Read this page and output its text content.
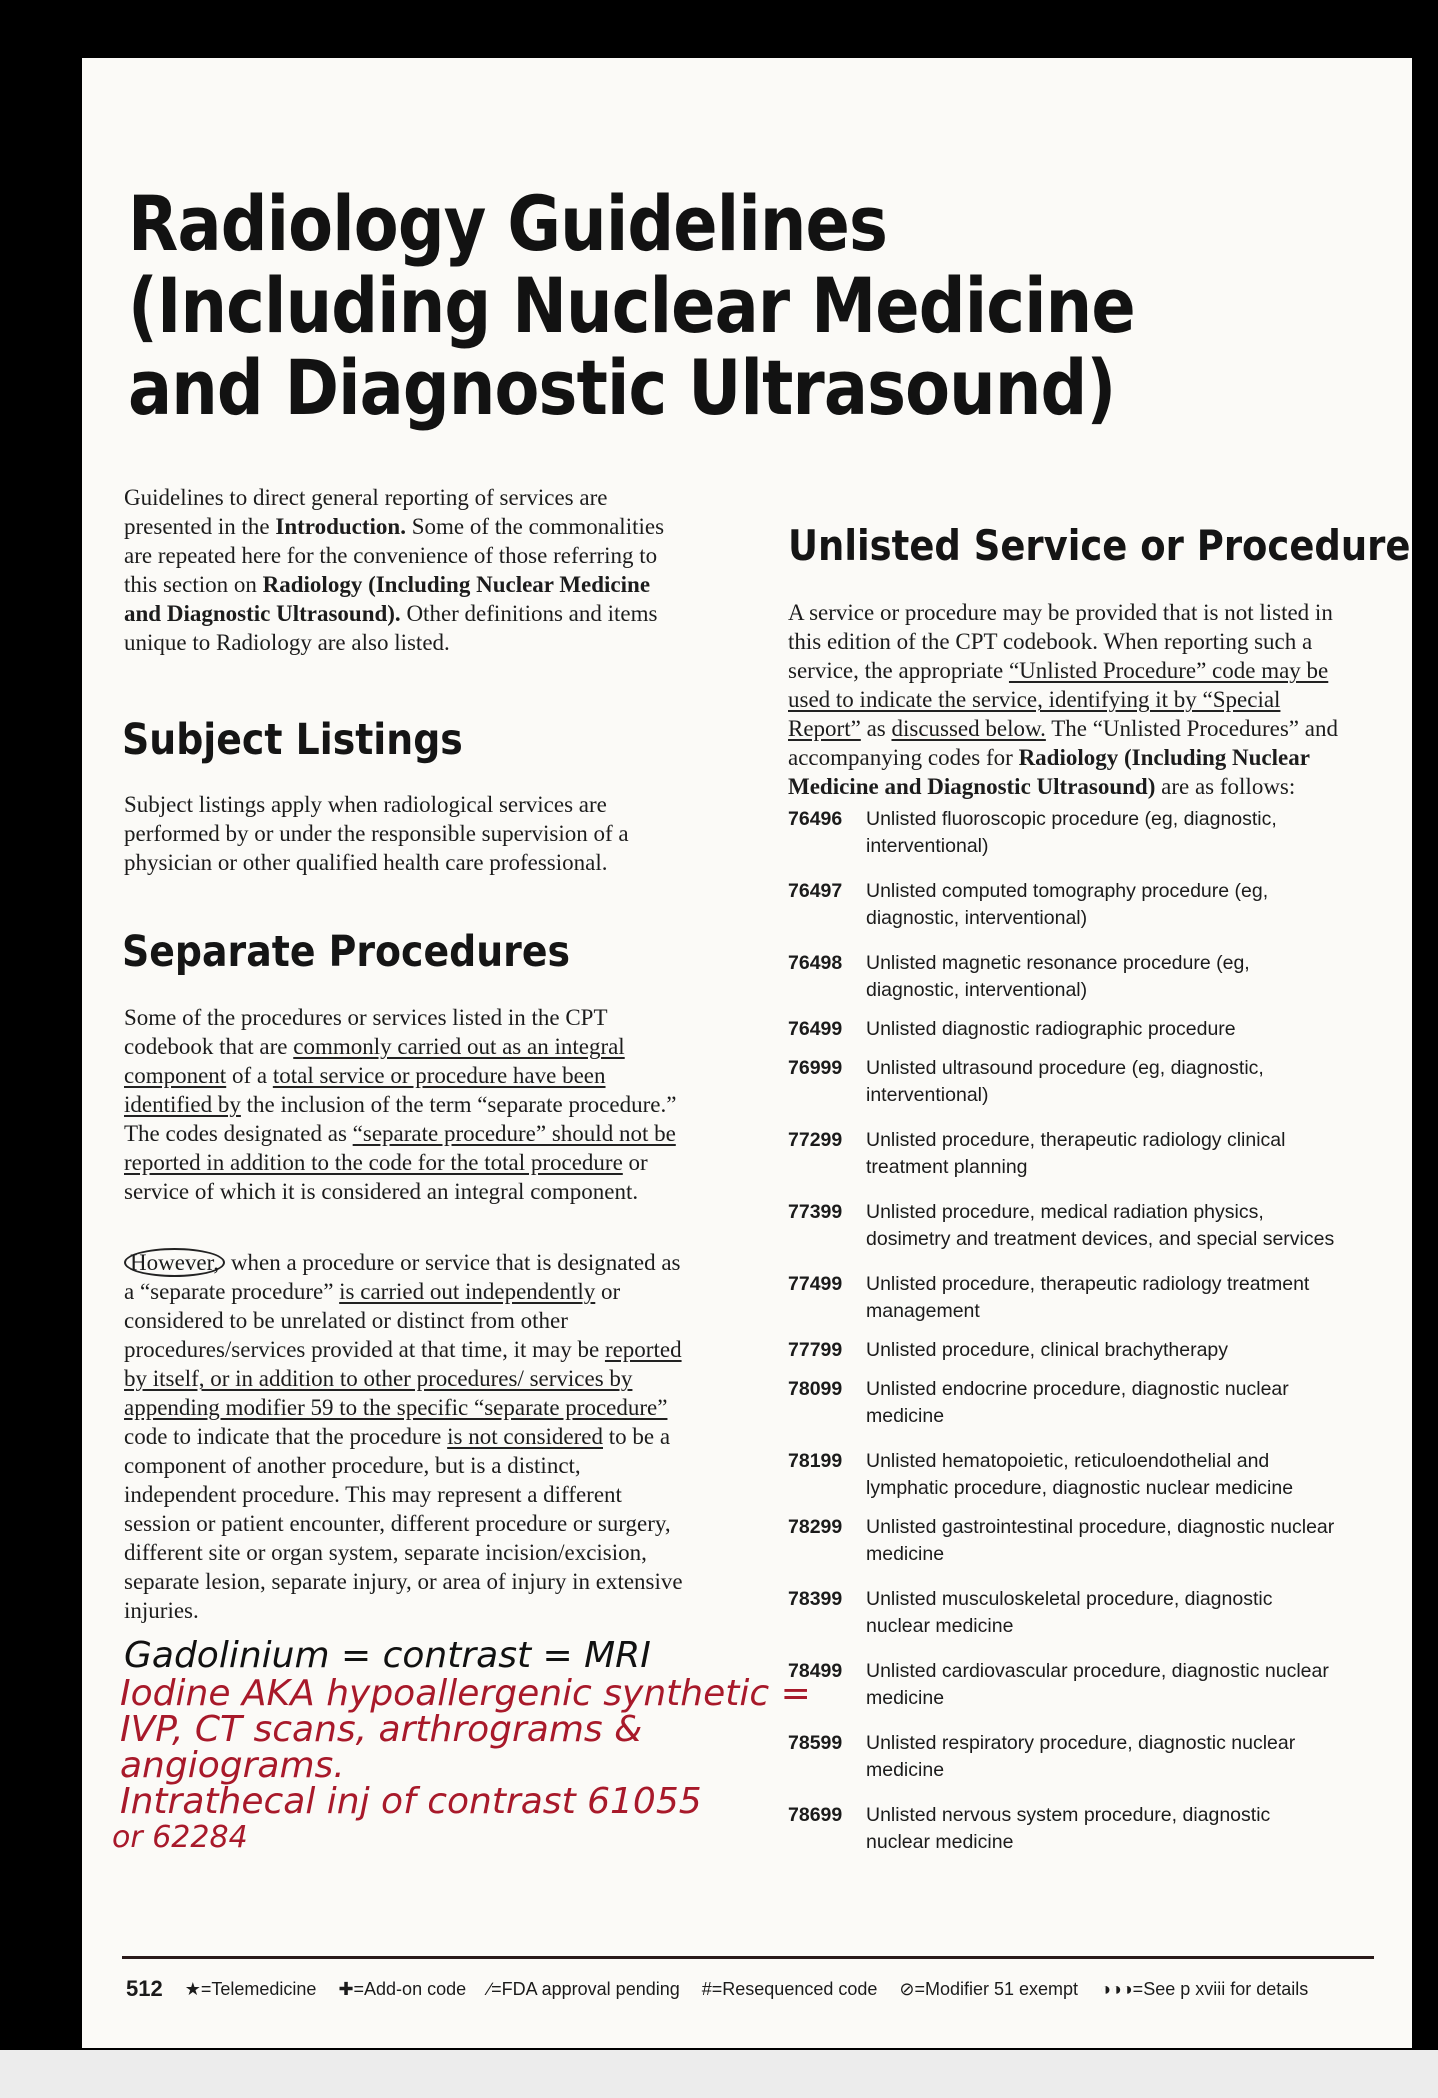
Radiology Guidelines (Including Nuclear Medicine and Diagnostic Ultrasound)

Guidelines to direct general reporting of services are presented in the Introduction. Some of the commonalities are repeated here for the convenience of those referring to this section on Radiology (Including Nuclear Medicine and Diagnostic Ultrasound). Other definitions and items unique to Radiology are also listed.

Subject Listings

Subject listings apply when radiological services are performed by or under the responsible supervision of a physician or other qualified health care professional.

Separate Procedures

Some of the procedures or services listed in the CPT codebook that are commonly carried out as an integral component of a total service or procedure have been identified by the inclusion of the term “separate procedure.” The codes designated as “separate procedure” should not be reported in addition to the code for the total procedure or service of which it is considered an integral component.

However, when a procedure or service that is designated as a “separate procedure” is carried out independently or considered to be unrelated or distinct from other procedures/services provided at that time, it may be reported by itself, or in addition to other procedures/ services by appending modifier 59 to the specific “separate procedure” code to indicate that the procedure is not considered to be a component of another procedure, but is a distinct, independent procedure. This may represent a different session or patient encounter, different procedure or surgery, different site or organ system, separate incision/excision, separate lesion, separate injury, or area of injury in extensive injuries.

Gadolinium = contrast = MRI
Iodine AKA hypoallergenic synthetic =
IVP, CT scans, arthrograms &
angiograms.
Intrathecal inj of contrast 61055
or 62284
Unlisted Service or Procedure

A service or procedure may be provided that is not listed in this edition of the CPT codebook. When reporting such a service, the appropriate “Unlisted Procedure” code may be used to indicate the service, identifying it by “Special Report” as discussed below. The “Unlisted Procedures” and accompanying codes for Radiology (Including Nuclear Medicine and Diagnostic Ultrasound) are as follows:

76496	Unlisted fluoroscopic procedure (eg, diagnostic, interventional)
76497	Unlisted computed tomography procedure (eg, diagnostic, interventional)
76498	Unlisted magnetic resonance procedure (eg, diagnostic, interventional)
76499	Unlisted diagnostic radiographic procedure
76999	Unlisted ultrasound procedure (eg, diagnostic, interventional)
77299	Unlisted procedure, therapeutic radiology clinical treatment planning
77399	Unlisted procedure, medical radiation physics, dosimetry and treatment devices, and special services
77499	Unlisted procedure, therapeutic radiology treatment management
77799	Unlisted procedure, clinical brachytherapy
78099	Unlisted endocrine procedure, diagnostic nuclear medicine
78199	Unlisted hematopoietic, reticuloendothelial and lymphatic procedure, diagnostic nuclear medicine
78299	Unlisted gastrointestinal procedure, diagnostic nuclear medicine
78399	Unlisted musculoskeletal procedure, diagnostic nuclear medicine
78499	Unlisted cardiovascular procedure, diagnostic nuclear medicine
78599	Unlisted respiratory procedure, diagnostic nuclear medicine
78699	Unlisted nervous system procedure, diagnostic nuclear medicine
512 ★=Telemedicine ✚=Add-on code ∕=FDA approval pending #=Resequenced code ⊘=Modifier 51 exempt ◑◑◑=See p xviii for details
